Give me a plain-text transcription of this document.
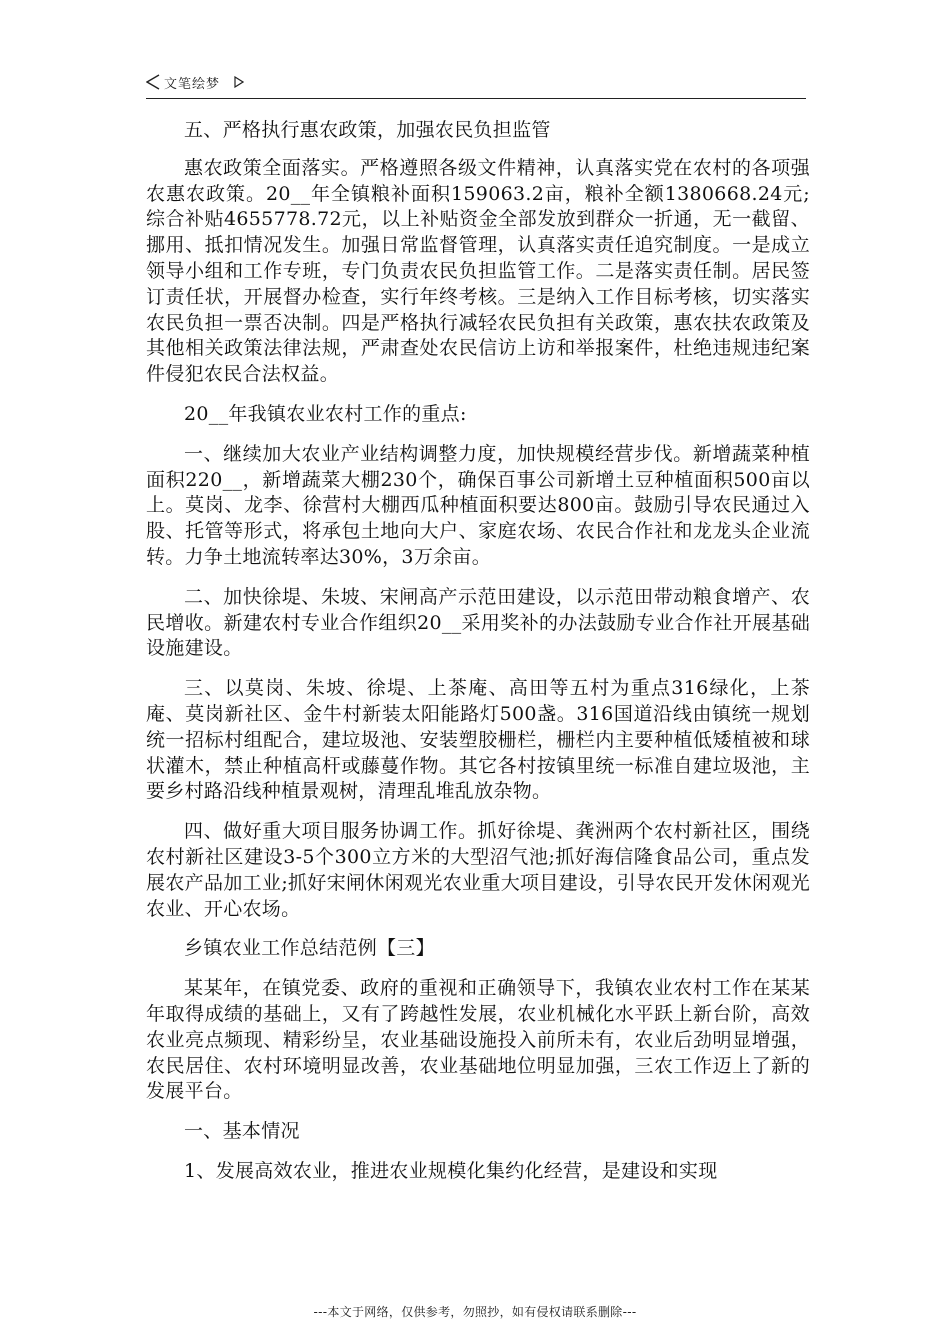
文笔绘梦

五、严格执行惠农政策，加强农民负担监管

惠农政策全面落实。严格遵照各级文件精神，认真落实党在农村的各项强农惠农政策。20__年全镇粮补面积159063.2亩，粮补全额1380668.24元;综合补贴4655778.72元，以上补贴资金全部发放到群众一折通，无一截留、挪用、抵扣情况发生。加强日常监督管理，认真落实责任追究制度。一是成立领导小组和工作专班，专门负责农民负担监管工作。二是落实责任制。居民签订责任状，开展督办检查，实行年终考核。三是纳入工作目标考核，切实落实农民负担一票否决制。四是严格执行减轻农民负担有关政策，惠农扶农政策及其他相关政策法律法规，严肃查处农民信访上访和举报案件，杜绝违规违纪案件侵犯农民合法权益。

20__年我镇农业农村工作的重点:

一、继续加大农业产业结构调整力度，加快规模经营步伐。新增蔬菜种植面积220__，新增蔬菜大棚230个，确保百事公司新增土豆种植面积500亩以上。莫岗、龙李、徐营村大棚西瓜种植面积要达800亩。鼓励引导农民通过入股、托管等形式，将承包土地向大户、家庭农场、农民合作社和龙龙头企业流转。力争土地流转率达30%，3万余亩。

二、加快徐堤、朱坡、宋闸高产示范田建设，以示范田带动粮食增产、农民增收。新建农村专业合作组织20__采用奖补的办法鼓励专业合作社开展基础设施建设。

三、以莫岗、朱坡、徐堤、上茶庵、高田等五村为重点316绿化，上茶庵、莫岗新社区、金牛村新装太阳能路灯500盏。316国道沿线由镇统一规划统一招标村组配合，建垃圾池、安装塑胶栅栏，栅栏内主要种植低矮植被和球状灌木，禁止种植高杆或藤蔓作物。其它各村按镇里统一标准自建垃圾池，主要乡村路沿线种植景观树，清理乱堆乱放杂物。

四、做好重大项目服务协调工作。抓好徐堤、龚洲两个农村新社区，围绕农村新社区建设3-5个300立方米的大型沼气池;抓好海信隆食品公司，重点发展农产品加工业;抓好宋闸休闲观光农业重大项目建设，引导农民开发休闲观光农业、开心农场。

乡镇农业工作总结范例【三】

某某年，在镇党委、政府的重视和正确领导下，我镇农业农村工作在某某年取得成绩的基础上，又有了跨越性发展，农业机械化水平跃上新台阶，高效农业亮点频现、精彩纷呈，农业基础设施投入前所未有，农业后劲明显增强，农民居住、农村环境明显改善，农业基础地位明显加强，三农工作迈上了新的发展平台。

一、基本情况

1、发展高效农业，推进农业规模化集约化经营，是建设和实现

---本文于网络，仅供参考，勿照抄，如有侵权请联系删除---
